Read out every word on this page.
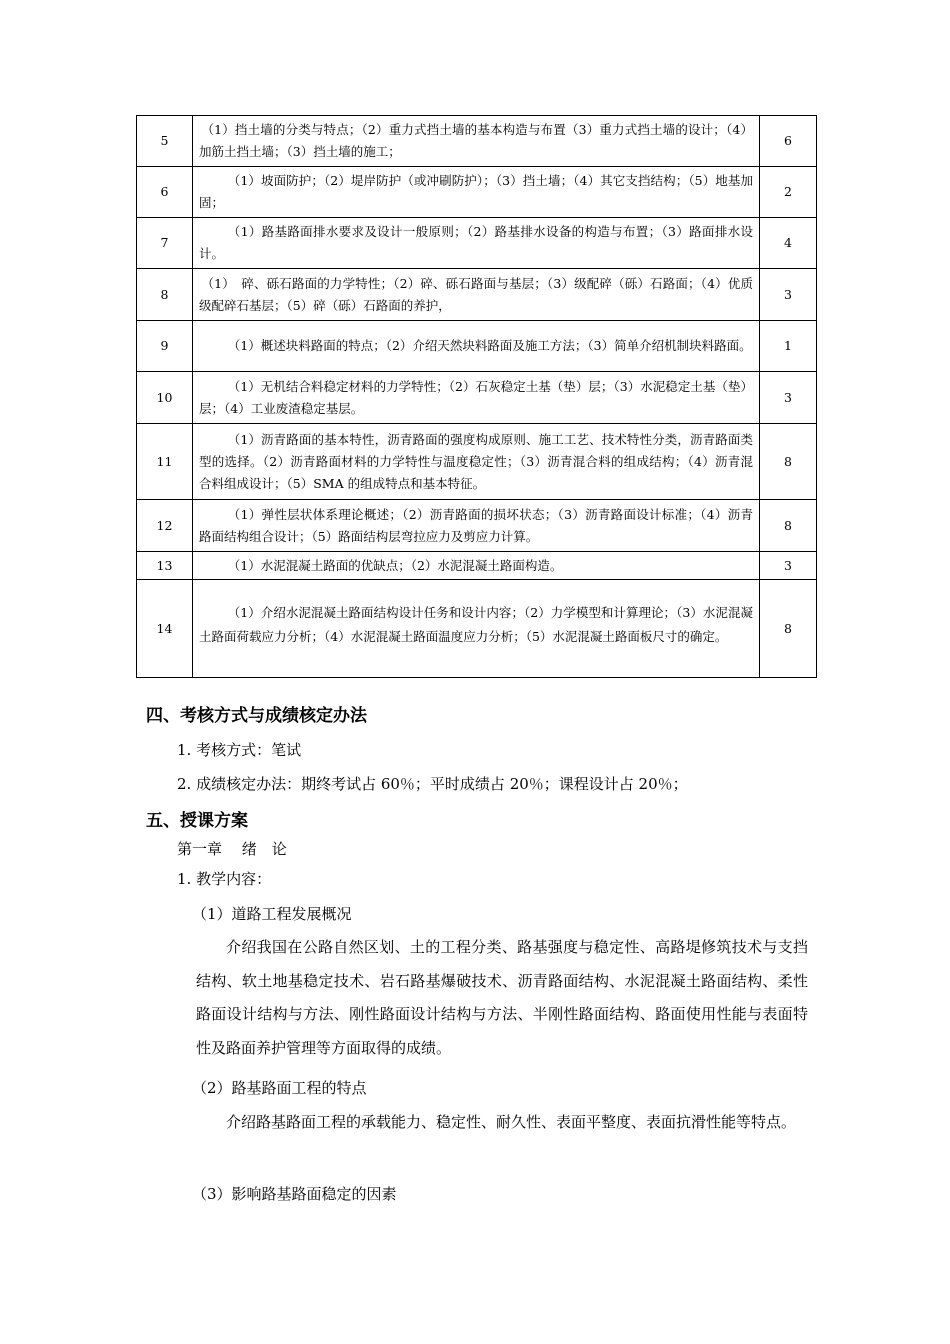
5	（1）挡土墙的分类与特点；（2）重力式挡土墙的基本构造与布置（3）重力式挡土墙的设计；（4）加筋土挡土墙；（3）挡土墙的施工；	6
6	（1）坡面防护；（2）堤岸防护（或冲刷防护）；（3）挡土墙；（4）其它支挡结构；（5）地基加固；	2
7	（1）路基路面排水要求及设计一般原则；（2）路基排水设备的构造与布置；（3）路面排水设计。	4
8	（1）　碎、砾石路面的力学特性；（2）碎、砾石路面与基层；（3）级配碎（砾）石路面；（4）优质级配碎石基层；（5）碎（砾）石路面的养护，	3
9	（1）概述块料路面的特点；（2）介绍天然块料路面及施工方法；（3）简单介绍机制块料路面。	1
10	（1）无机结合料稳定材料的力学特性；（2）石灰稳定土基（垫）层；（3）水泥稳定土基（垫）层；（4）工业废渣稳定基层。	3
11	（1）沥青路面的基本特性，沥青路面的强度构成原则、施工工艺、技术特性分类，沥青路面类型的选择。（2）沥青路面材料的力学特性与温度稳定性；（3）沥青混合料的组成结构；（4）沥青混合料组成设计；（5）SMA 的组成特点和基本特征。	8
12	（1）弹性层状体系理论概述；（2）沥青路面的损坏状态；（3）沥青路面设计标准；（4）沥青路面结构组合设计；（5）路面结构层弯拉应力及剪应力计算。	8
13	（1）水泥混凝土路面的优缺点；（2）水泥混凝土路面构造。	3
14	（1）介绍水泥混凝土路面结构设计任务和设计内容；（2）力学模型和计算理论；（3）水泥混凝土路面荷载应力分析；（4）水泥混凝土路面温度应力分析；（5）水泥混凝土路面板尺寸的确定。	8
四、考核方式与成绩核定办法
1. 考核方式：笔试
2. 成绩核定办法：期终考试占 60％；平时成绩占 20％；课程设计占 20％；
五、授课方案
第一章　 绪　论
1. 教学内容：
（1）道路工程发展概况
介绍我国在公路自然区划、土的工程分类、路基强度与稳定性、高路堤修筑技术与支挡结构、软土地基稳定技术、岩石路基爆破技术、沥青路面结构、水泥混凝土路面结构、柔性路面设计结构与方法、刚性路面设计结构与方法、半刚性路面结构、路面使用性能与表面特性及路面养护管理等方面取得的成绩。
（2）路基路面工程的特点
介绍路基路面工程的承载能力、稳定性、耐久性、表面平整度、表面抗滑性能等特点。
（3）影响路基路面稳定的因素
